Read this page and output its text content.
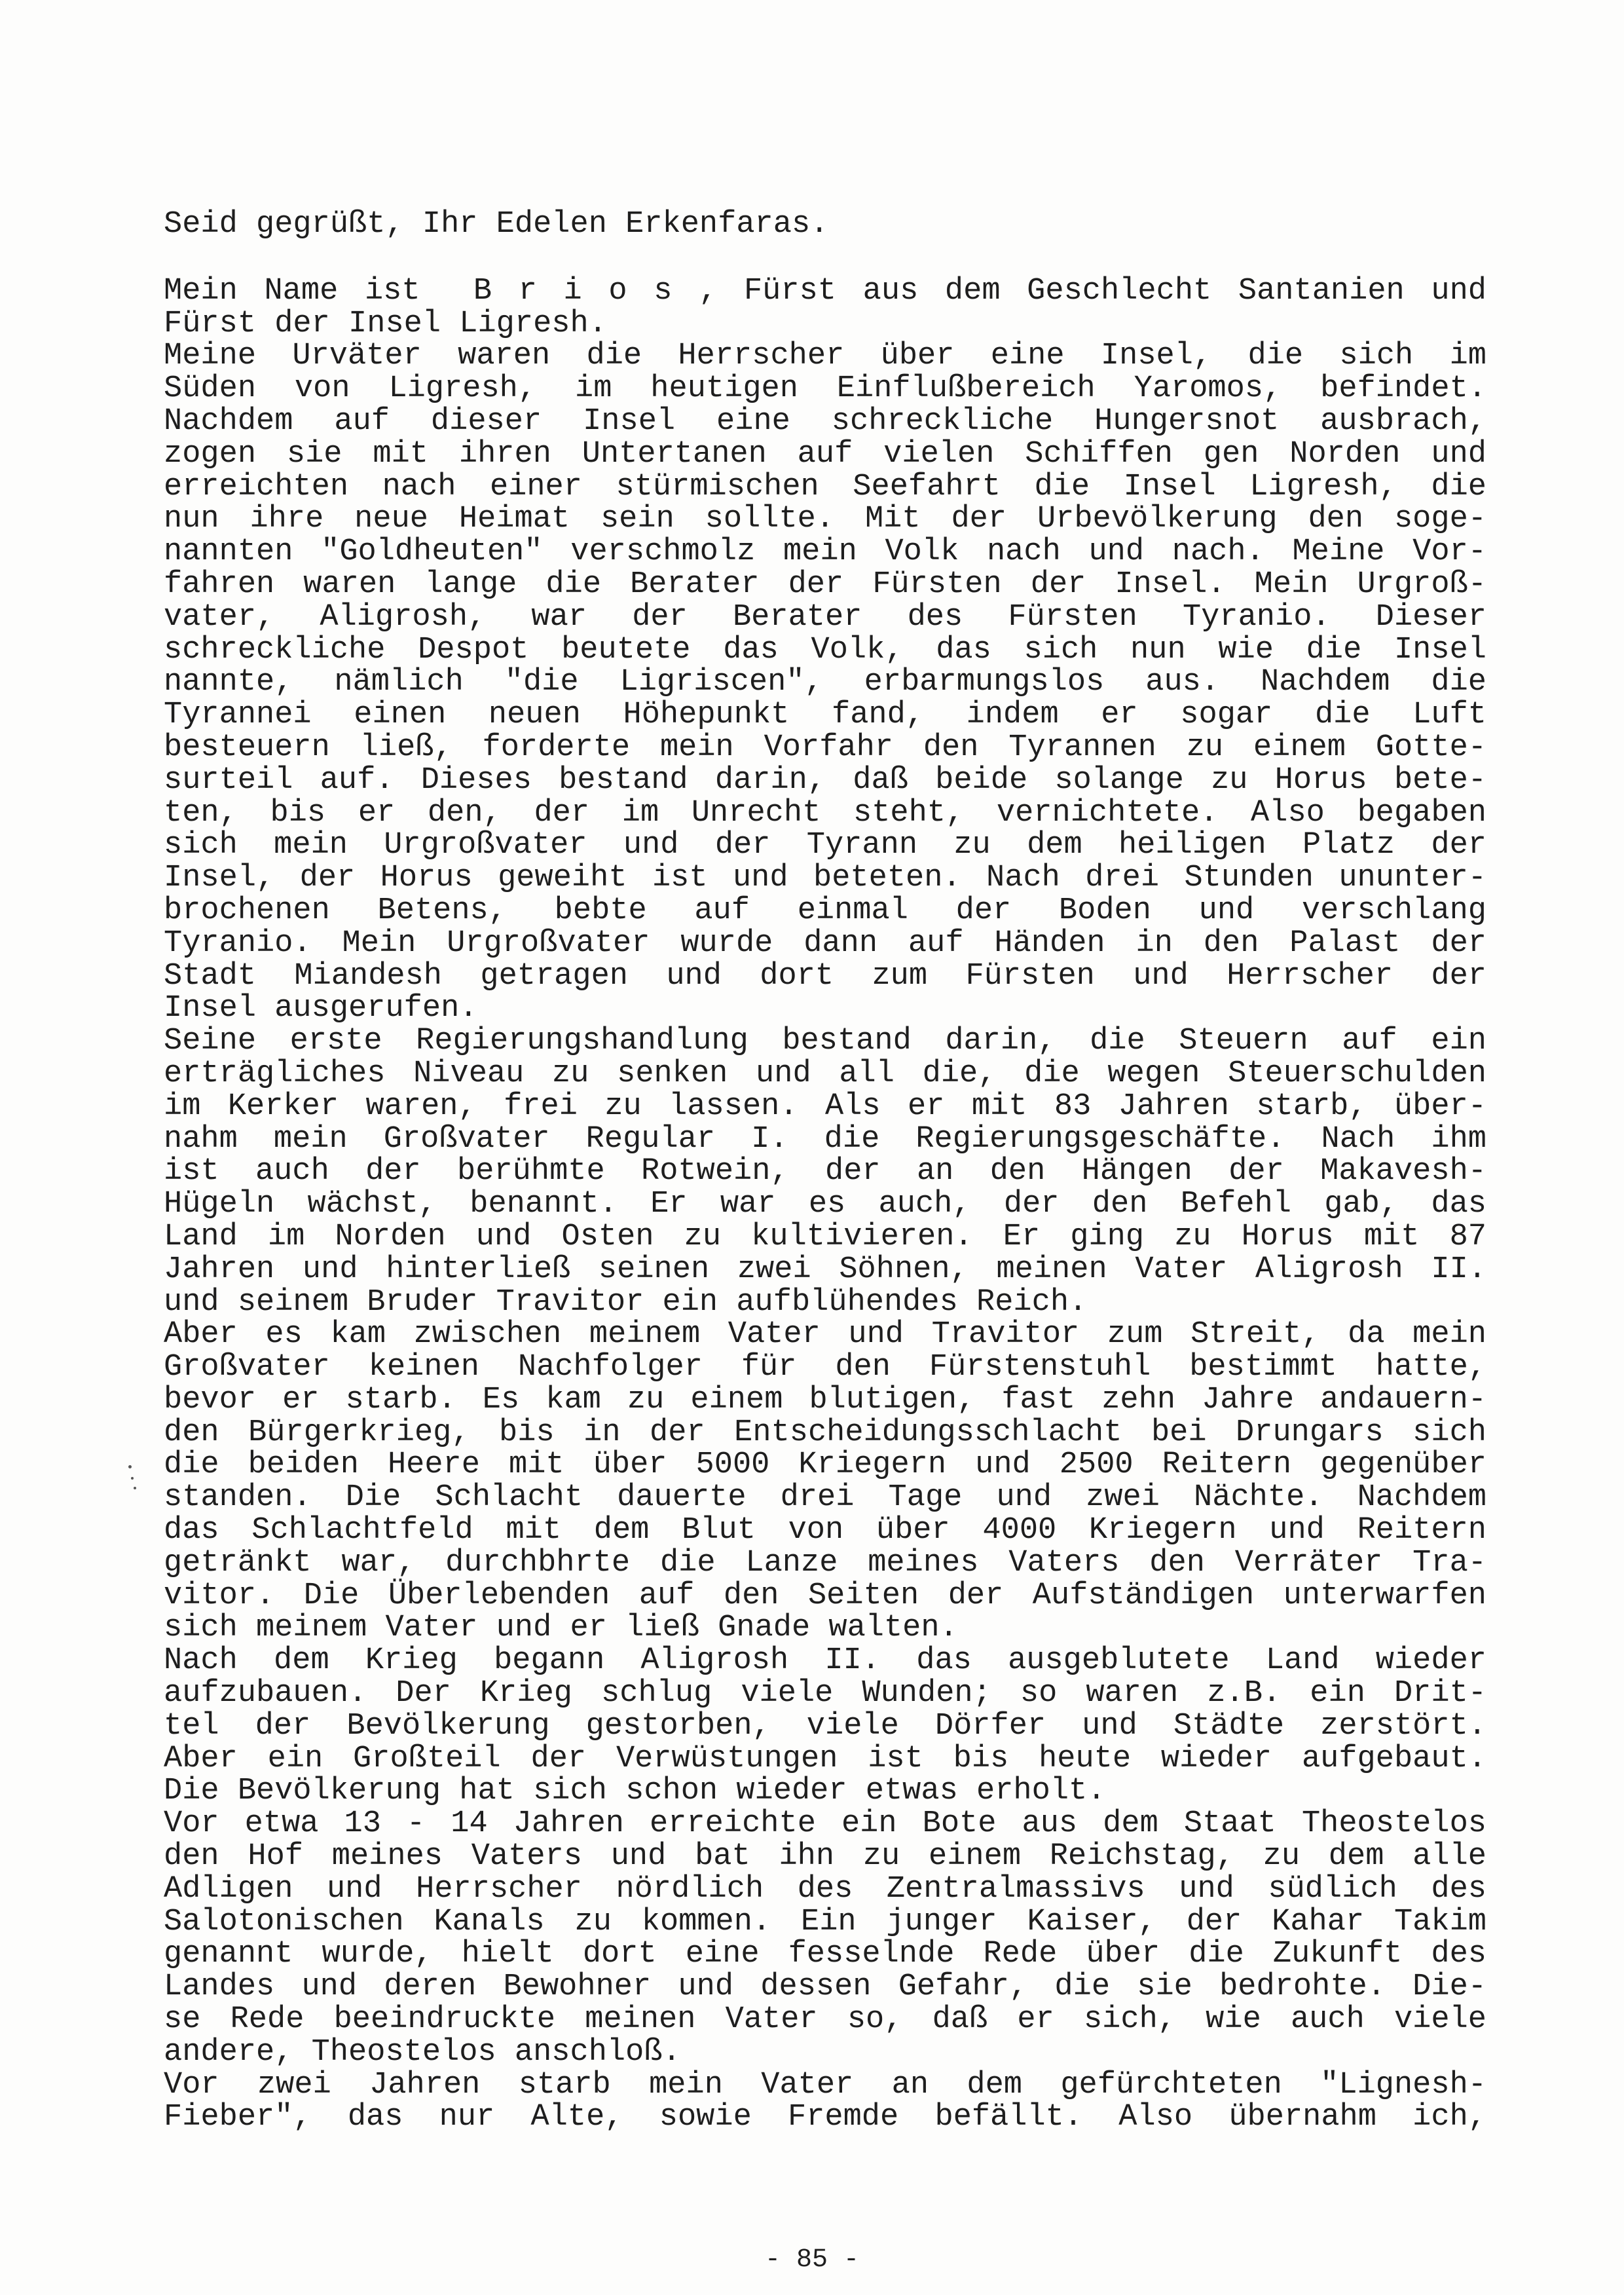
Seid gegrüßt, Ihr Edelen Erkenfaras.
Mein Name ist  B r i o s , Fürst aus dem Geschlecht Santanien und
Fürst der Insel Ligresh.
Meine Urväter waren die Herrscher über eine Insel, die sich im
Süden von Ligresh, im heutigen Einflußbereich Yaromos, befindet.
Nachdem auf dieser Insel eine schreckliche Hungersnot ausbrach,
zogen sie mit ihren Untertanen auf vielen Schiffen gen Norden und
erreichten nach einer stürmischen Seefahrt die Insel Ligresh, die
nun ihre neue Heimat sein sollte. Mit der Urbevölkerung den soge-
nannten "Goldheuten" verschmolz mein Volk nach und nach. Meine Vor-
fahren waren lange die Berater der Fürsten der Insel. Mein Urgroß-
vater, Aligrosh, war der Berater des Fürsten Tyranio. Dieser
schreckliche Despot beutete das Volk, das sich nun wie die Insel
nannte, nämlich "die Ligriscen", erbarmungslos aus. Nachdem die
Tyrannei einen neuen Höhepunkt fand, indem er sogar die Luft
besteuern ließ, forderte mein Vorfahr den Tyrannen zu einem Gotte-
surteil auf. Dieses bestand darin, daß beide solange zu Horus bete-
ten, bis er den, der im Unrecht steht, vernichtete. Also begaben
sich mein Urgroßvater und der Tyrann zu dem heiligen Platz der
Insel, der Horus geweiht ist und beteten. Nach drei Stunden ununter-
brochenen Betens, bebte auf einmal der Boden und verschlang
Tyranio. Mein Urgroßvater wurde dann auf Händen in den Palast der
Stadt Miandesh getragen und dort zum Fürsten und Herrscher der
Insel ausgerufen.
Seine erste Regierungshandlung bestand darin, die Steuern auf ein
erträgliches Niveau zu senken und all die, die wegen Steuerschulden
im Kerker waren, frei zu lassen. Als er mit 83 Jahren starb, über-
nahm mein Großvater Regular I. die Regierungsgeschäfte. Nach ihm
ist auch der berühmte Rotwein, der an den Hängen der Makavesh-
Hügeln wächst, benannt. Er war es auch, der den Befehl gab, das
Land im Norden und Osten zu kultivieren. Er ging zu Horus mit 87
Jahren und hinterließ seinen zwei Söhnen, meinen Vater Aligrosh II.
und seinem Bruder Travitor ein aufblühendes Reich.
Aber es kam zwischen meinem Vater und Travitor zum Streit, da mein
Großvater keinen Nachfolger für den Fürstenstuhl bestimmt hatte,
bevor er starb. Es kam zu einem blutigen, fast zehn Jahre andauern-
den Bürgerkrieg, bis in der Entscheidungsschlacht bei Drungars sich
die beiden Heere mit über 5000 Kriegern und 2500 Reitern gegenüber
standen. Die Schlacht dauerte drei Tage und zwei Nächte. Nachdem
das Schlachtfeld mit dem Blut von über 4000 Kriegern und Reitern
getränkt war, durchbhrte die Lanze meines Vaters den Verräter Tra-
vitor. Die Überlebenden auf den Seiten der Aufständigen unterwarfen
sich meinem Vater und er ließ Gnade walten.
Nach dem Krieg begann Aligrosh II. das ausgeblutete Land wieder
aufzubauen. Der Krieg schlug viele Wunden; so waren z.B. ein Drit-
tel der Bevölkerung gestorben, viele Dörfer und Städte zerstört.
Aber ein Großteil der Verwüstungen ist bis heute wieder aufgebaut.
Die Bevölkerung hat sich schon wieder etwas erholt.
Vor etwa 13 - 14 Jahren erreichte ein Bote aus dem Staat Theostelos
den Hof meines Vaters und bat ihn zu einem Reichstag, zu dem alle
Adligen und Herrscher nördlich des Zentralmassivs und südlich des
Salotonischen Kanals zu kommen. Ein junger Kaiser, der Kahar Takim
genannt wurde, hielt dort eine fesselnde Rede über die Zukunft des
Landes und deren Bewohner und dessen Gefahr, die sie bedrohte. Die-
se Rede beeindruckte meinen Vater so, daß er sich, wie auch viele
andere, Theostelos anschloß.
Vor zwei Jahren starb mein Vater an dem gefürchteten "Lignesh-
Fieber", das nur Alte, sowie Fremde befällt. Also übernahm ich,
- 85 -
